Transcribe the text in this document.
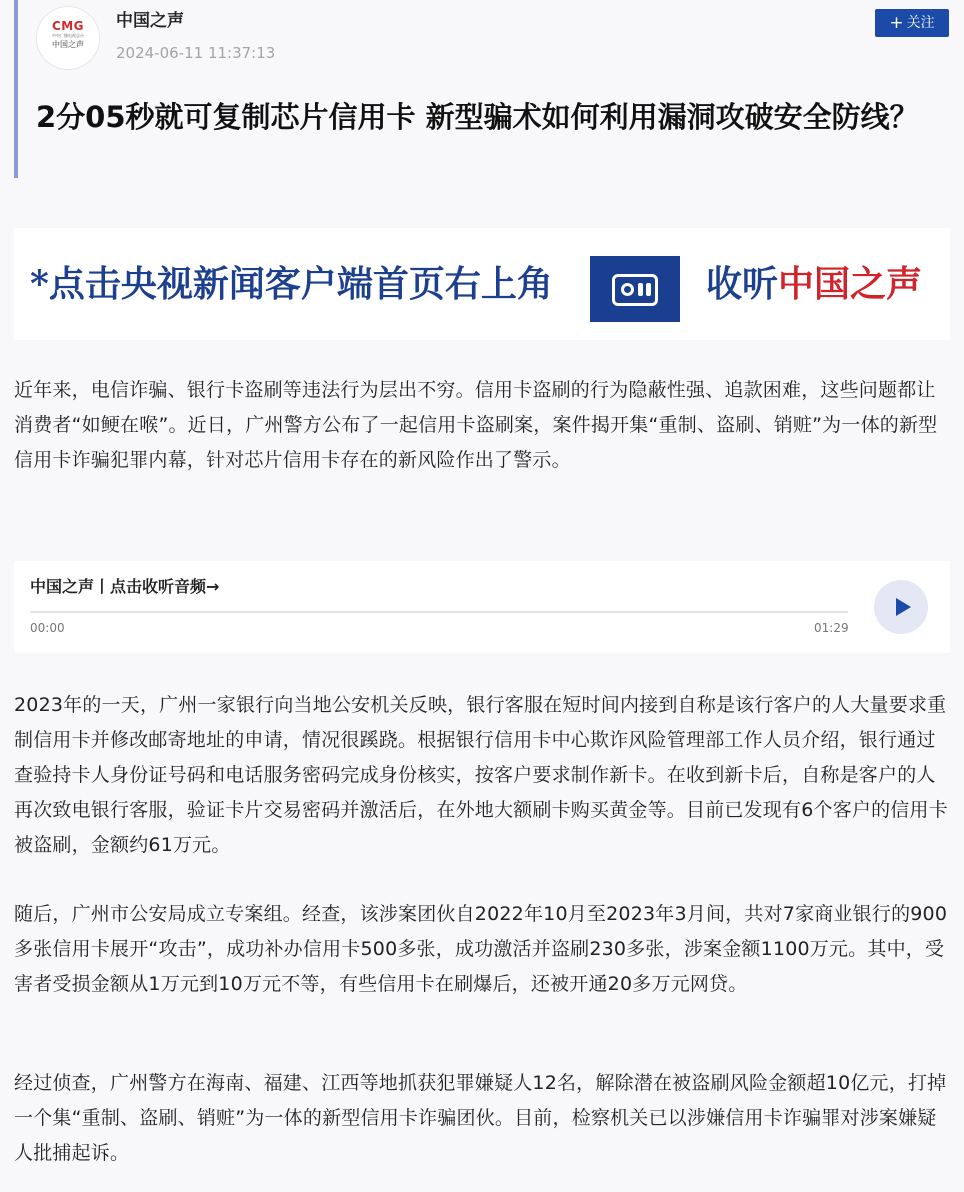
CMG
中央广播电视总台
中国之声
中国之声
2024-06-11 11:37:13
+ 关注
2分05秒就可复制芯片信用卡 新型骗术如何利用漏洞攻破安全防线？
*点击央视新闻客户端首页右上角	收听中国之声

近年来，电信诈骗、银行卡盗刷等违法行为层出不穷。信用卡盗刷的行为隐蔽性强、追款困难，这些问题都让消费者“如鲠在喉”。近日，广州警方公布了一起信用卡盗刷案，案件揭开集“重制、盗刷、销赃”为一体的新型信用卡诈骗犯罪内幕，针对芯片信用卡存在的新风险作出了警示。

中国之声丨点击收听音频→
00:00	01:29

2023年的一天，广州一家银行向当地公安机关反映，银行客服在短时间内接到自称是该行客户的人大量要求重制信用卡并修改邮寄地址的申请，情况很蹊跷。根据银行信用卡中心欺诈风险管理部工作人员介绍，银行通过查验持卡人身份证号码和电话服务密码完成身份核实，按客户要求制作新卡。在收到新卡后，自称是客户的人再次致电银行客服，验证卡片交易密码并激活后，在外地大额刷卡购买黄金等。目前已发现有6个客户的信用卡被盗刷，金额约61万元。

随后，广州市公安局成立专案组。经查，该涉案团伙自2022年10月至2023年3月间，共对7家商业银行的900多张信用卡展开“攻击”，成功补办信用卡500多张，成功激活并盗刷230多张，涉案金额1100万元。其中，受害者受损金额从1万元到10万元不等，有些信用卡在刷爆后，还被开通20多万元网贷。

经过侦查，广州警方在海南、福建、江西等地抓获犯罪嫌疑人12名，解除潜在被盗刷风险金额超10亿元，打掉一个集“重制、盗刷、销赃”为一体的新型信用卡诈骗团伙。目前，检察机关已以涉嫌信用卡诈骗罪对涉案嫌疑人批捕起诉。
